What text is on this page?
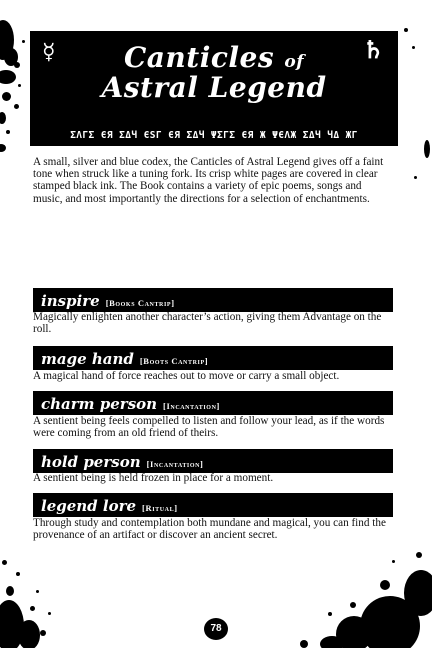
☿	♄
Canticles of
Astral Legend
ΣΛΓΣ ЄЯ ΣΔЧ ЄЅΓ ЄЯ ΣΔЧ ΨΣΓΣ ЄЯ Ж ΨЄΛЖ ΣΔЧ ЧΔ ЖΓ

A small, silver and blue codex, the Canticles of Astral Legend gives off a faint tone when struck like a tuning fork. Its crisp white pages are covered in clear stamped black ink. The Book contains a variety of epic poems, songs and music, and most importantly the directions for a selection of enchantments.

inspire [Books Cantrip]

Magically enlighten another character’s action, giving them Advantage on the roll.

mage hand [Boots Cantrip]

A magical hand of force reaches out to move or carry a small object.

charm person [Incantation]

A sentient being feels compelled to listen and follow your lead, as if the words were coming from an old friend of theirs.

hold person [Incantation]

A sentient being is held frozen in place for a moment.

legend lore [Ritual]

Through study and contemplation both mundane and magical, you can find the provenance of an artifact or discover an ancient secret.

78
